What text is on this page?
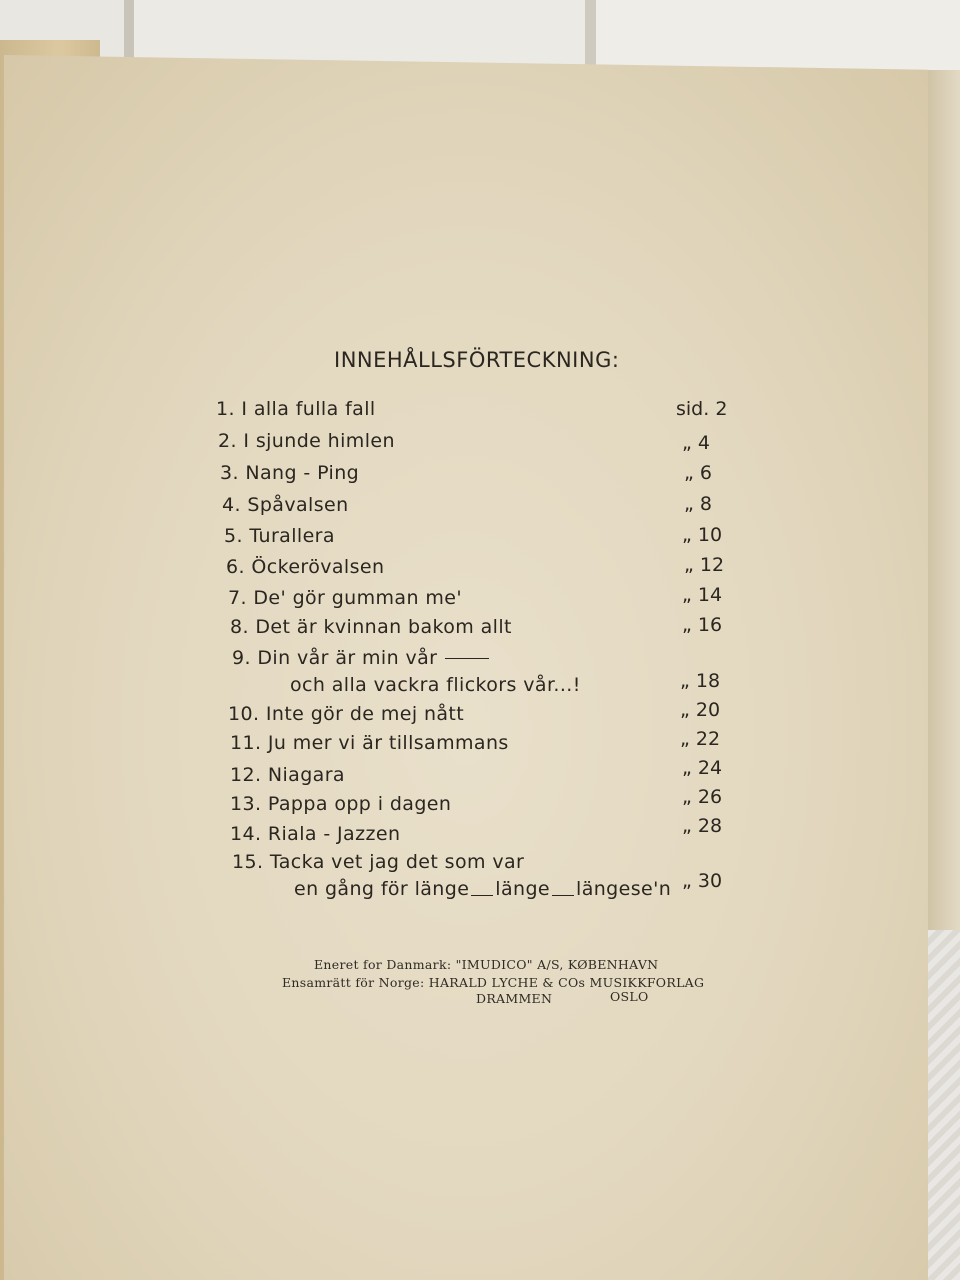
INNEHÅLLSFÖRTECKNING:
1. I alla fulla fall	sid. 2
2. I sjunde himlen	„ 4
3. Nang - Ping	„ 6
4. Spåvalsen	„ 8
5. Turallera	„ 10
6. Öckerövalsen	„ 12
7. De' gör gumman me'	„ 14
8. Det är kvinnan bakom allt	„ 16
9. Din vår är min vår
och alla vackra flickors vår...!	„ 18
10. Inte gör de mej nått	„ 20
11. Ju mer vi är tillsammans	„ 22
12. Niagara	„ 24
13. Pappa opp i dagen	„ 26
14. Riala - Jazzen	„ 28
15. Tacka vet jag det som var
en gång för länge länge längese'n „ 30
Eneret for Danmark: "IMUDICO" A/S, KØBENHAVN
Ensamrätt för Norge: HARALD LYCHE & COs MUSIKKFORLAG
DRAMMEN	OSLO
